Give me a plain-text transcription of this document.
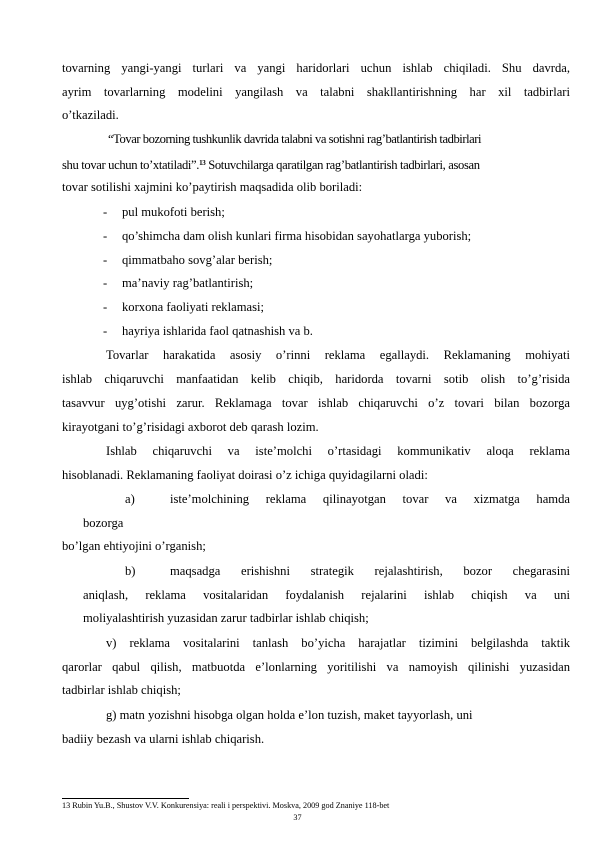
tovarning yangi-yangi turlari va yangi haridorlari uchun ishlab chiqiladi. Shu davrda,
ayrim tovarlarning modelini yangilash va talabni shakllantirishning har xil tadbirlari
o’tkaziladi.
“Tovar bozorning tushkunlik davrida talabni va sotishni rag’batlantirish tadbirlari
shu tovar uchun to’xtatiladi”.$^{13}$ Sotuvchilarga qaratilgan rag’batlantirish tadbirlari, asosan
tovar sotilishi xajmini ko’paytirish maqsadida olib boriladi:
-	pul mukofoti berish;
-	qo’shimcha dam olish kunlari firma hisobidan sayohatlarga yuborish;
-	qimmatbaho sovg’alar berish;
-	ma’naviy rag’batlantirish;
-	korxona faoliyati reklamasi;
-	hayriya ishlarida faol qatnashish va b.
Tovarlar harakatida asosiy o’rinni reklama egallaydi. Reklamaning mohiyati
ishlab chiqaruvchi manfaatidan kelib chiqib, haridorda tovarni sotib olish to’g’risida
tasavvur uyg’otishi zarur. Reklamaga tovar ishlab chiqaruvchi o’z tovari bilan bozorga
kirayotgani to’g’risidagi axborot deb qarash lozim.
Ishlab chiqaruvchi va iste’molchi o’rtasidagi kommunikativ aloqa reklama
hisoblanadi. Reklamaning faoliyat doirasi o’z ichiga quyidagilarni oladi:
a)	iste’molchining reklama qilinayotgan tovar va xizmatga hamda
bozorga
bo’lgan ehtiyojini o’rganish;
b)	maqsadga erishishni strategik rejalashtirish, bozor chegarasini
aniqlash, reklama vositalaridan foydalanish rejalarini ishlab chiqish va uni
moliyalashtirish yuzasidan zarur tadbirlar ishlab chiqish;
v) reklama vositalarini tanlash bo’yicha harajatlar tizimini belgilashda taktik
qarorlar qabul qilish, matbuotda e’lonlarning yoritilishi va namoyish qilinishi yuzasidan
tadbirlar ishlab chiqish;
g) matn yozishni hisobga olgan holda e’lon tuzish, maket tayyorlash, uni
badiiy bezash va ularni ishlab chiqarish.
13 Rubin Yu.B., Shustov V.V. Konkurensiya: reali i perspektivi. Moskva, 2009 god Znaniye 118-bet
37
